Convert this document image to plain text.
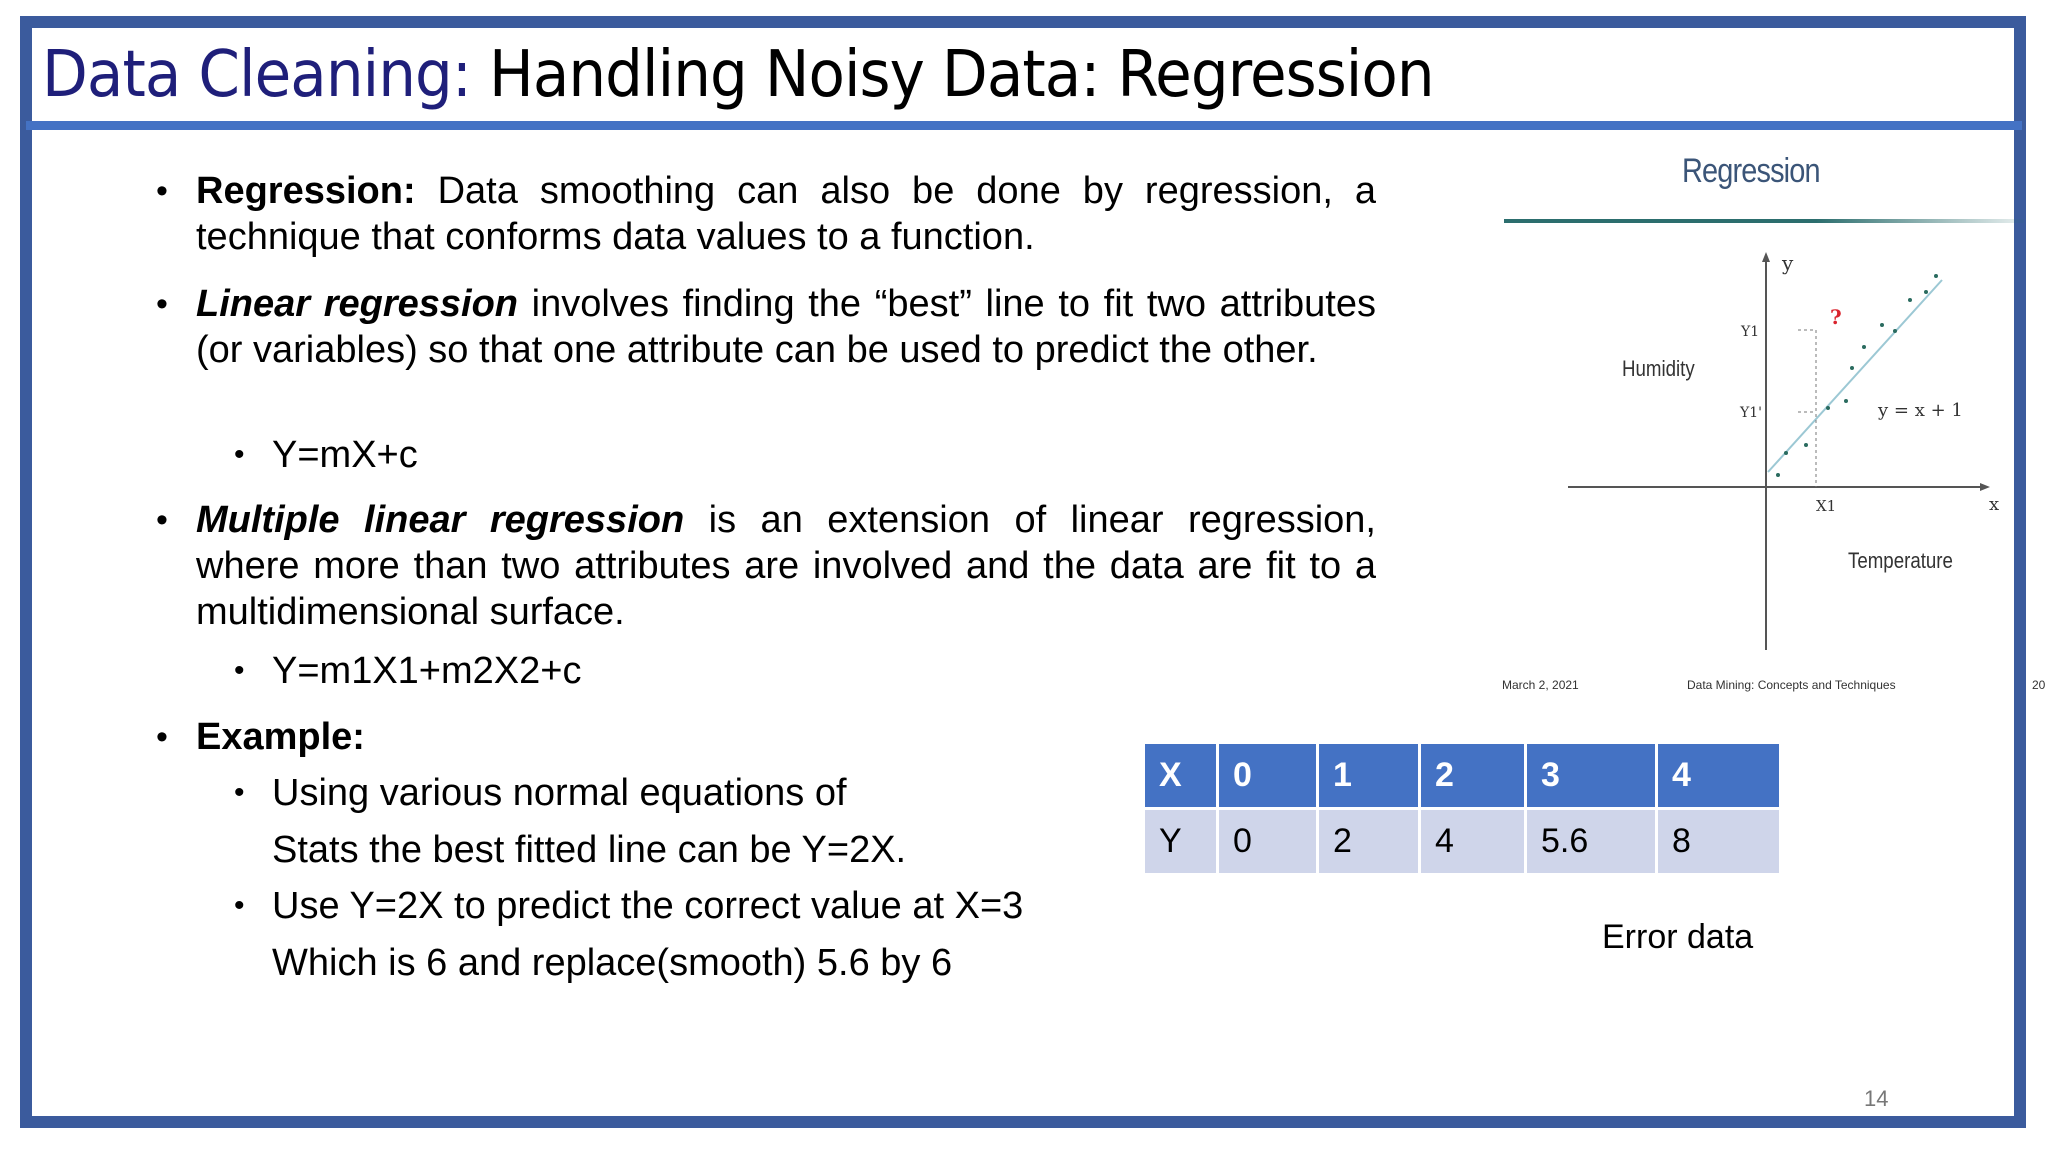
Data Cleaning: Handling Noisy Data: Regression
• Regression: Data smoothing can also be done by regression, a technique that conforms data values to a function.
• Linear regression involves finding the “best” line to fit two attributes (or variables) so that one attribute can be used to predict the other.
• Y=mX+c
• Multiple linear regression is an extension of linear regression, where more than two attributes are involved and the data are fit to a multidimensional surface.
• Y=m1X1+m2X2+c
• Example:
• Using various normal equations of
Stats the best fitted line can be Y=2X.
• Use Y=2X to predict the correct value at X=3
Which is 6 and replace(smooth) 5.6 by 6
Regression
y
x
Humidity
Temperature
Y1
Y1'
X1
?
y = x + 1
March 2, 2021	Data Mining: Concepts and Techniques	20
X	0	1	2	3	4
Y	0	2	4	5.6	8
Error data
14
